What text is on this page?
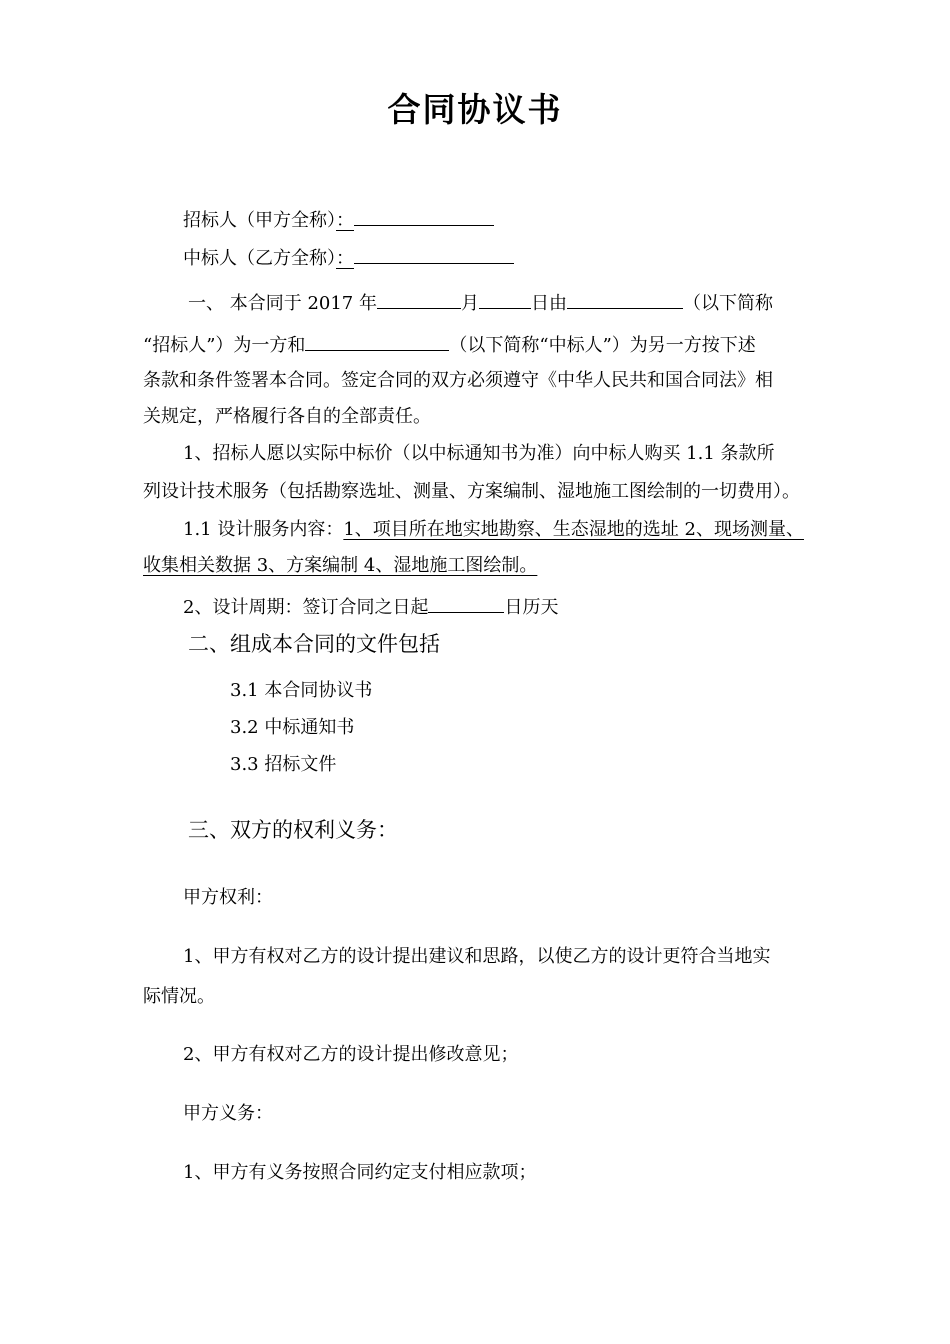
合同协议书
招标人（甲方全称）：
中标人（乙方全称）：
一、 本合同于 2017 年	月	日由	（以下简称
“招标人”）为一方和	（以下简称“中标人”）为另一方按下述
条款和条件签署本合同。签定合同的双方必须遵守《中华人民共和国合同法》相
关规定，严格履行各自的全部责任。
1、招标人愿以实际中标价（以中标通知书为准）向中标人购买 1.1 条款所
列设计技术服务（包括勘察选址、测量、方案编制、湿地施工图绘制的一切费用）。
1.1 设计服务内容：1、项目所在地实地勘察、生态湿地的选址 2、现场测量、
收集相关数据 3、方案编制 4、湿地施工图绘制。
2、设计周期：签订合同之日起	日历天
二、组成本合同的文件包括
3.1 本合同协议书
3.2 中标通知书
3.3 招标文件
三、双方的权利义务：
甲方权利：
1、甲方有权对乙方的设计提出建议和思路，以使乙方的设计更符合当地实
际情况。
2、甲方有权对乙方的设计提出修改意见；
甲方义务：
1、甲方有义务按照合同约定支付相应款项；
